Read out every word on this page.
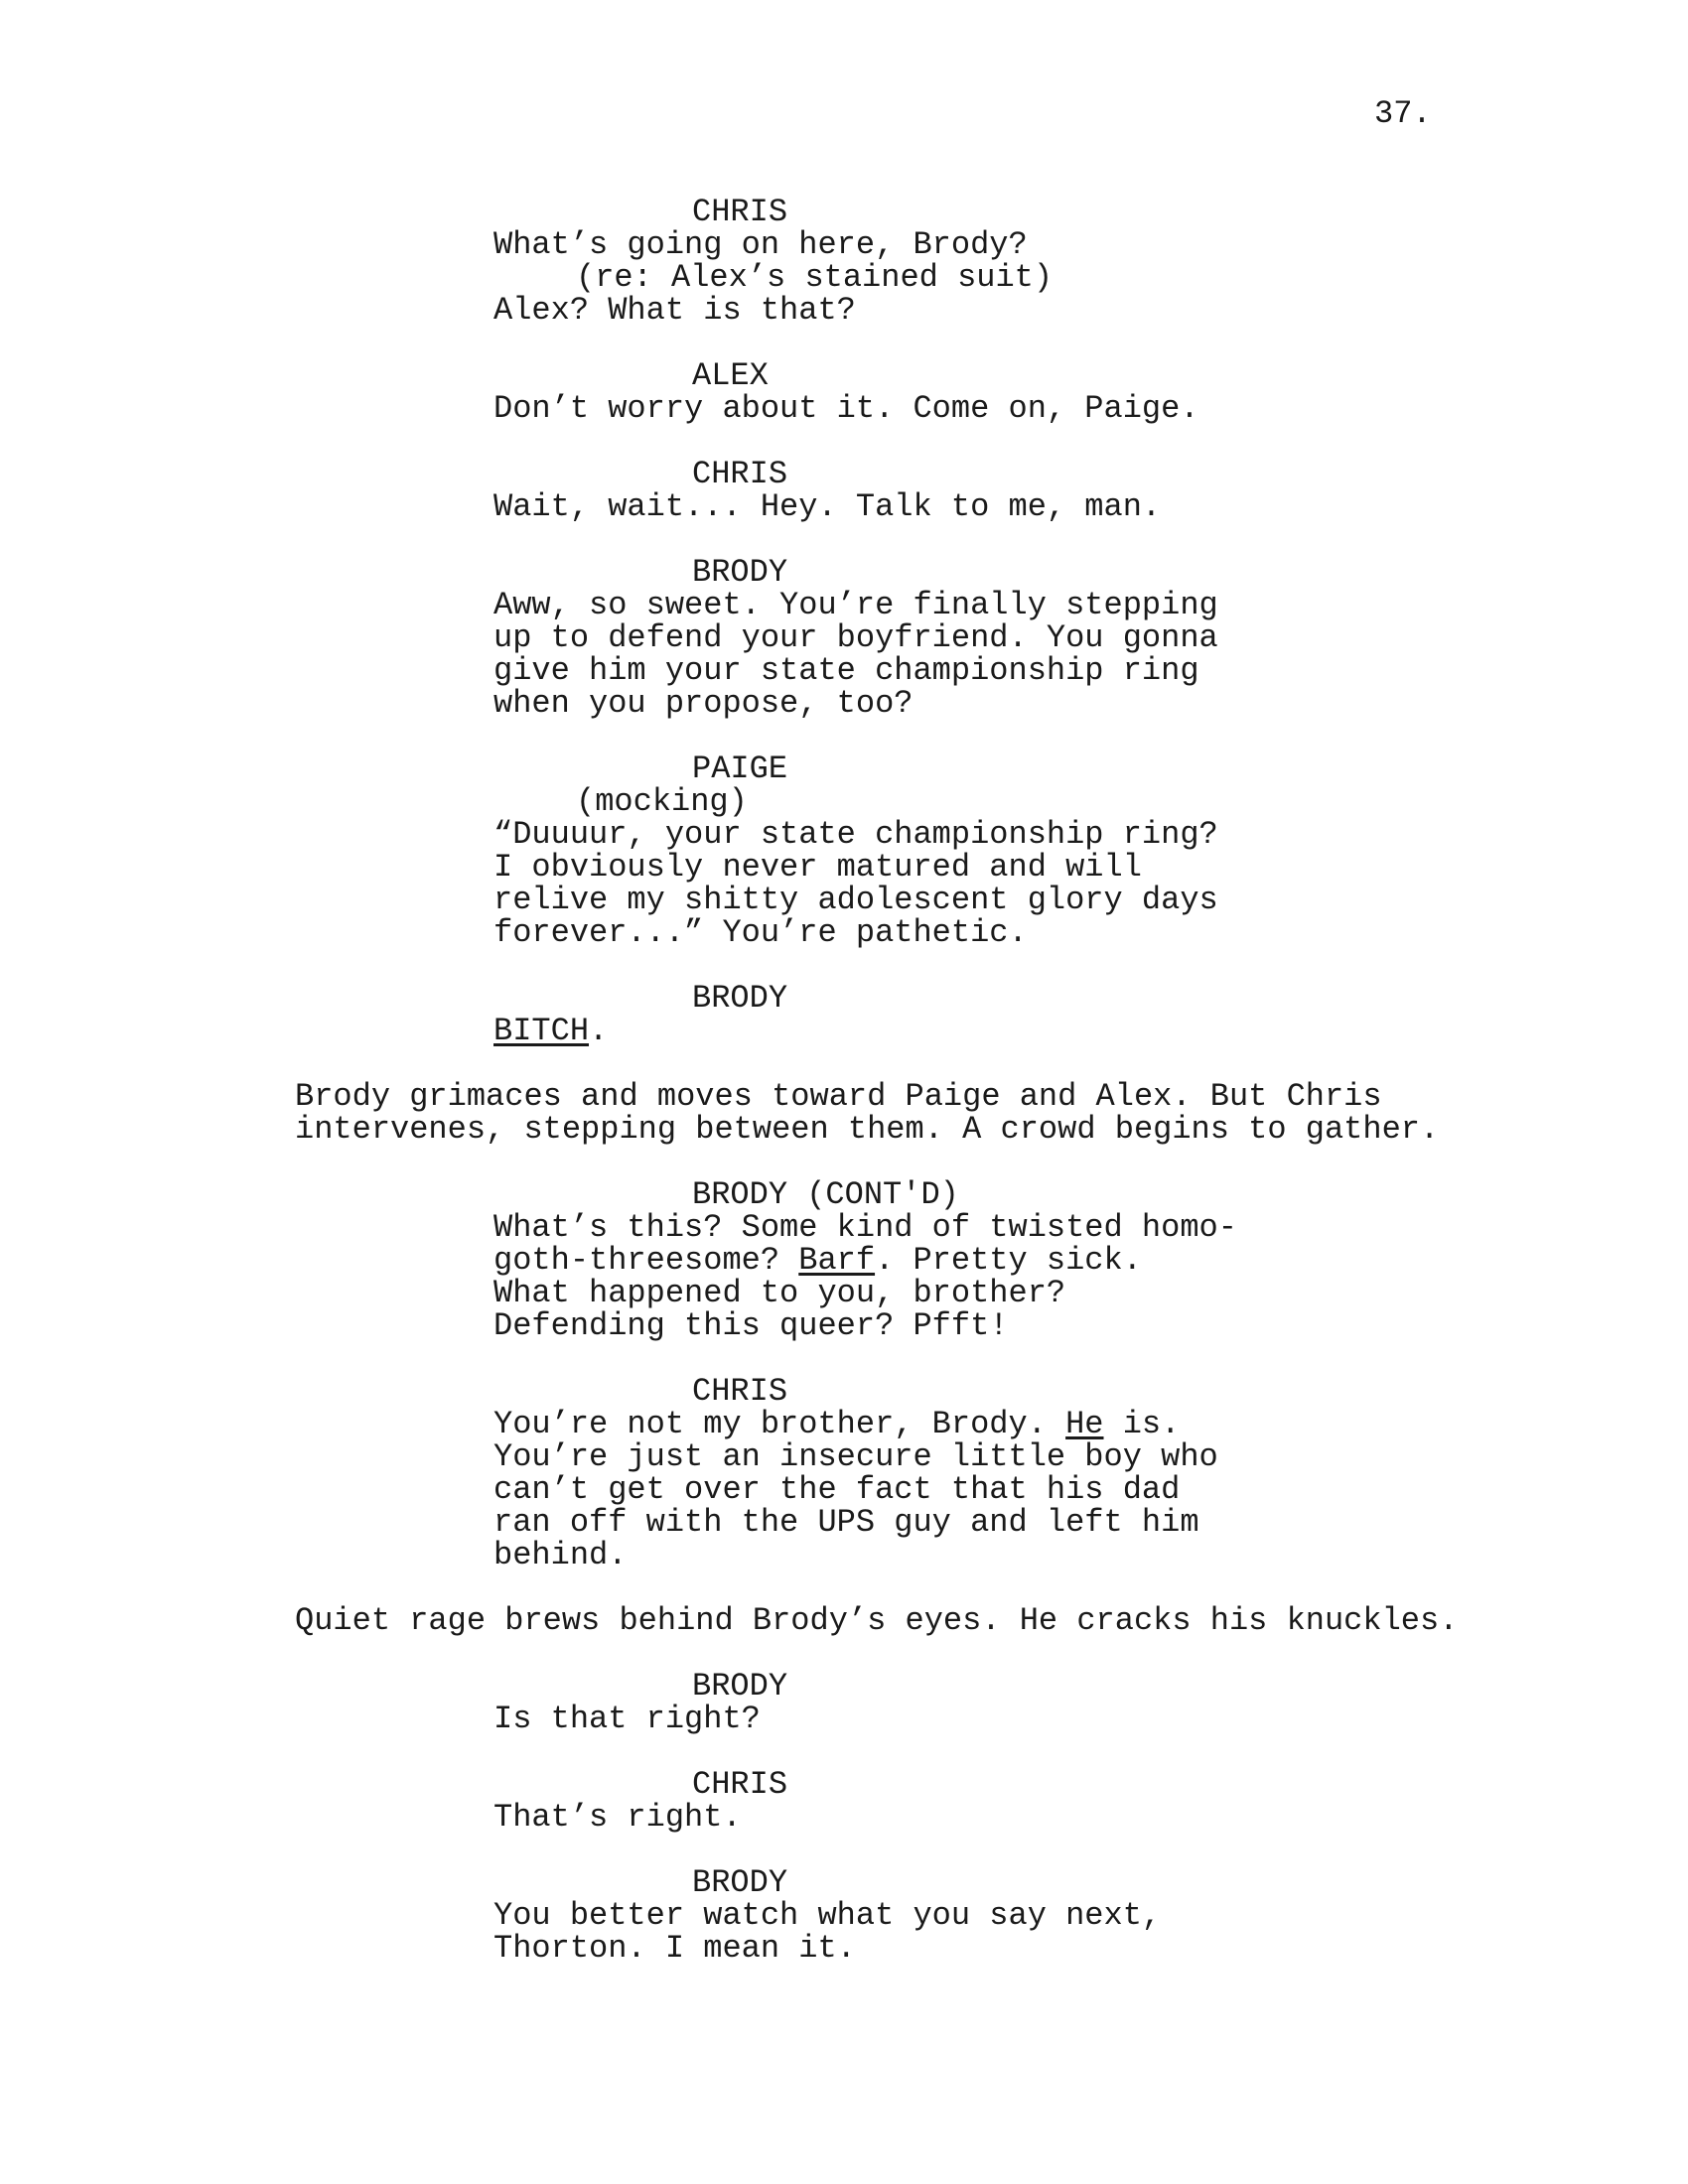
37.
CHRIS
What’s going on here, Brody?
(re: Alex’s stained suit)
Alex? What is that?
ALEX
Don’t worry about it. Come on, Paige.
CHRIS
Wait, wait... Hey. Talk to me, man.
BRODY
Aww, so sweet. You’re finally stepping
up to defend your boyfriend. You gonna
give him your state championship ring
when you propose, too?
PAIGE
(mocking)
“Duuuur, your state championship ring?
I obviously never matured and will
relive my shitty adolescent glory days
forever...” You’re pathetic.
BRODY
BITCH.
Brody grimaces and moves toward Paige and Alex. But Chris
intervenes, stepping between them. A crowd begins to gather.
BRODY (CONT'D)
What’s this? Some kind of twisted homo-
goth-threesome? Barf. Pretty sick.
What happened to you, brother?
Defending this queer? Pfft!
CHRIS
You’re not my brother, Brody. He is.
You’re just an insecure little boy who
can’t get over the fact that his dad
ran off with the UPS guy and left him
behind.
Quiet rage brews behind Brody’s eyes. He cracks his knuckles.
BRODY
Is that right?
CHRIS
That’s right.
BRODY
You better watch what you say next,
Thorton. I mean it.
